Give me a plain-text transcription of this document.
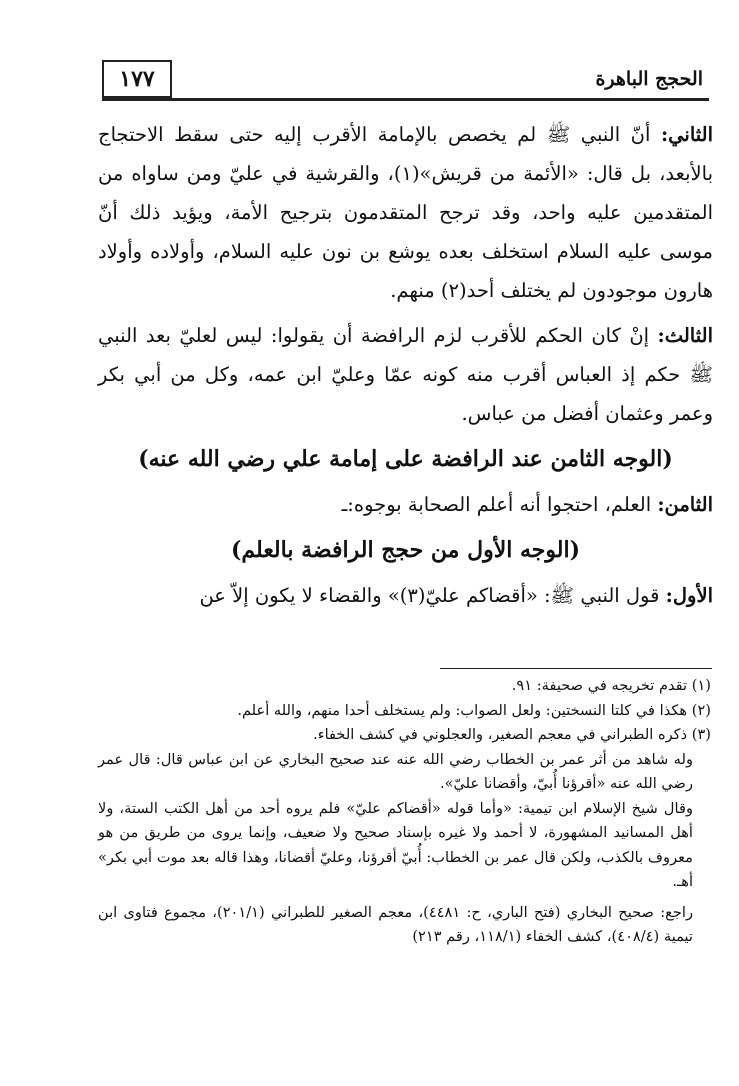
١٧٧	الحجج الباهرة

الثاني: أنّ النبي ﷺ لم يخصص بالإمامة الأقرب إليه حتى سقط الاحتجاج بالأبعد، بل قال: «الأئمة من قريش»(١)، والقرشية في عليّ ومن ساواه من المتقدمين عليه واحد، وقد ترجح المتقدمون بترجيح الأمة، ويؤيد ذلك أنّ موسى عليه السلام استخلف بعده يوشع بن نون عليه السلام، وأولاده وأولاد هارون موجودون لم يختلف أحد(٢) منهم.

الثالث: إنْ كان الحكم للأقرب لزم الرافضة أن يقولوا: ليس لعليّ بعد النبي ﷺ حكم إذ العباس أقرب منه كونه عمّا وعليّ ابن عمه، وكل من أبي بكر وعمر وعثمان أفضل من عباس.

(الوجه الثامن عند الرافضة على إمامة علي رضي الله عنه)

الثامن: العلم، احتجوا أنه أعلم الصحابة بوجوه:ـ

(الوجه الأول من حجج الرافضة بالعلم)

الأول: قول النبي ﷺ: «أقضاكم عليّ(٣)» والقضاء لا يكون إلاّ عن

(١) تقدم تخريجه في صحيفة: ٩١.

(٢) هكذا في كلتا النسختين: ولعل الصواب: ولم يستخلف أحدا منهم، والله أعلم.

(٣) ذكره الطبراني في معجم الصغير، والعجلوني في كشف الخفاء.

وله شاهد من أثر عمر بن الخطاب رضي الله عنه عند صحيح البخاري عن ابن عباس قال: قال عمر رضي الله عنه «أقرؤنا أُبيّ، وأقضانا عليّ».

وقال شيخ الإسلام ابن تيمية: «وأما قوله «أقضاكم عليّ» فلم يروه أحد من أهل الكتب الستة، ولا أهل المسانيد المشهورة، لا أحمد ولا غيره بإسناد صحيح ولا ضعيف، وإنما يروى من طريق من هو معروف بالكذب، ولكن قال عمر بن الخطاب: أُبيّ أقرؤنا، وعليّ أقضانا، وهذا قاله بعد موت أبي بكر» أهـ.

راجع: صحيح البخاري (فتح الباري، ح: ٤٤٨١)، معجم الصغير للطبراني (٢٠١/١)، مجموع فتاوى ابن تيمية (٤٠٨/٤)، كشف الخفاء (١١٨/١، رقم ٢١٣)
